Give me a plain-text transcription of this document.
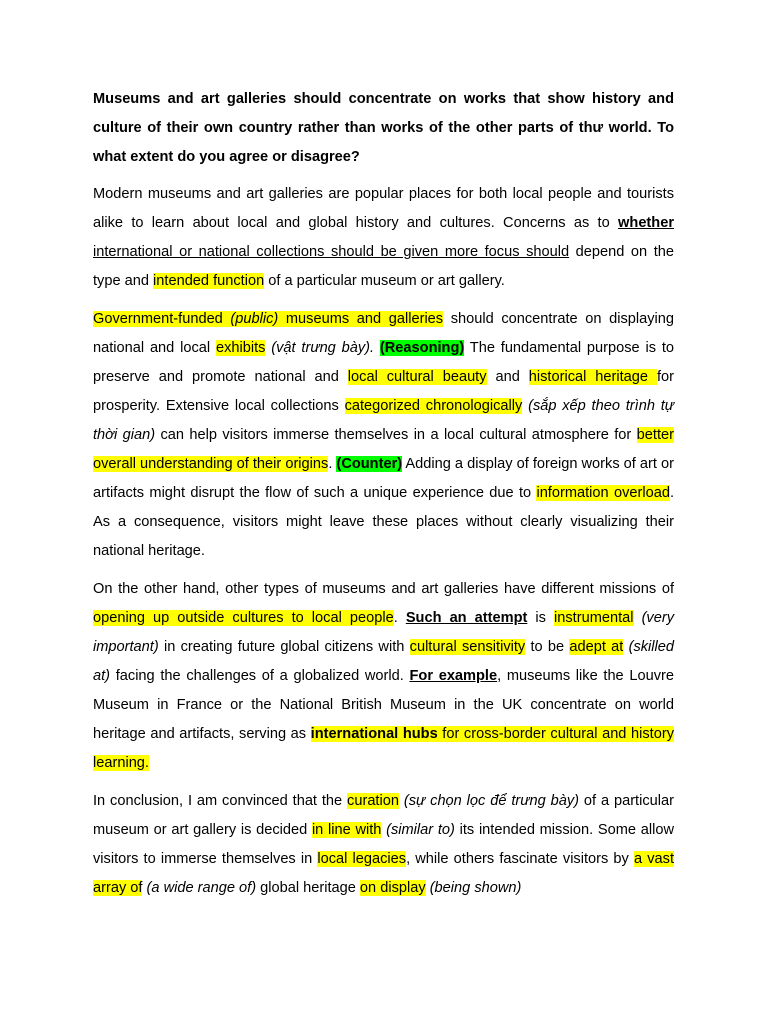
Museums and art galleries should concentrate on works that show history and culture of their own country rather than works of the other parts of thư world. To what extent do you agree or disagree?

Modern museums and art galleries are popular places for both local people and tourists alike to learn about local and global history and cultures. Concerns as to whether international or national collections should be given more focus should depend on the type and intended function of a particular museum or art gallery.

Government-funded (public) museums and galleries should concentrate on displaying national and local exhibits (vật trưng bày). (Reasoning) The fundamental purpose is to preserve and promote national and local cultural beauty and historical heritage for prosperity. Extensive local collections categorized chronologically (sắp xếp theo trình tự thời gian) can help visitors immerse themselves in a local cultural atmosphere for better overall understanding of their origins. (Counter) Adding a display of foreign works of art or artifacts might disrupt the flow of such a unique experience due to information overload. As a consequence, visitors might leave these places without clearly visualizing their national heritage.

On the other hand, other types of museums and art galleries have different missions of opening up outside cultures to local people. Such an attempt is instrumental (very important) in creating future global citizens with cultural sensitivity to be adept at (skilled at) facing the challenges of a globalized world. For example, museums like the Louvre Museum in France or the National British Museum in the UK concentrate on world heritage and artifacts, serving as international hubs for cross-border cultural and history learning.

In conclusion, I am convinced that the curation (sự chọn lọc để trưng bày) of a particular museum or art gallery is decided in line with (similar to) its intended mission. Some allow visitors to immerse themselves in local legacies, while others fascinate visitors by a vast array of (a wide range of) global heritage on display (being shown)
